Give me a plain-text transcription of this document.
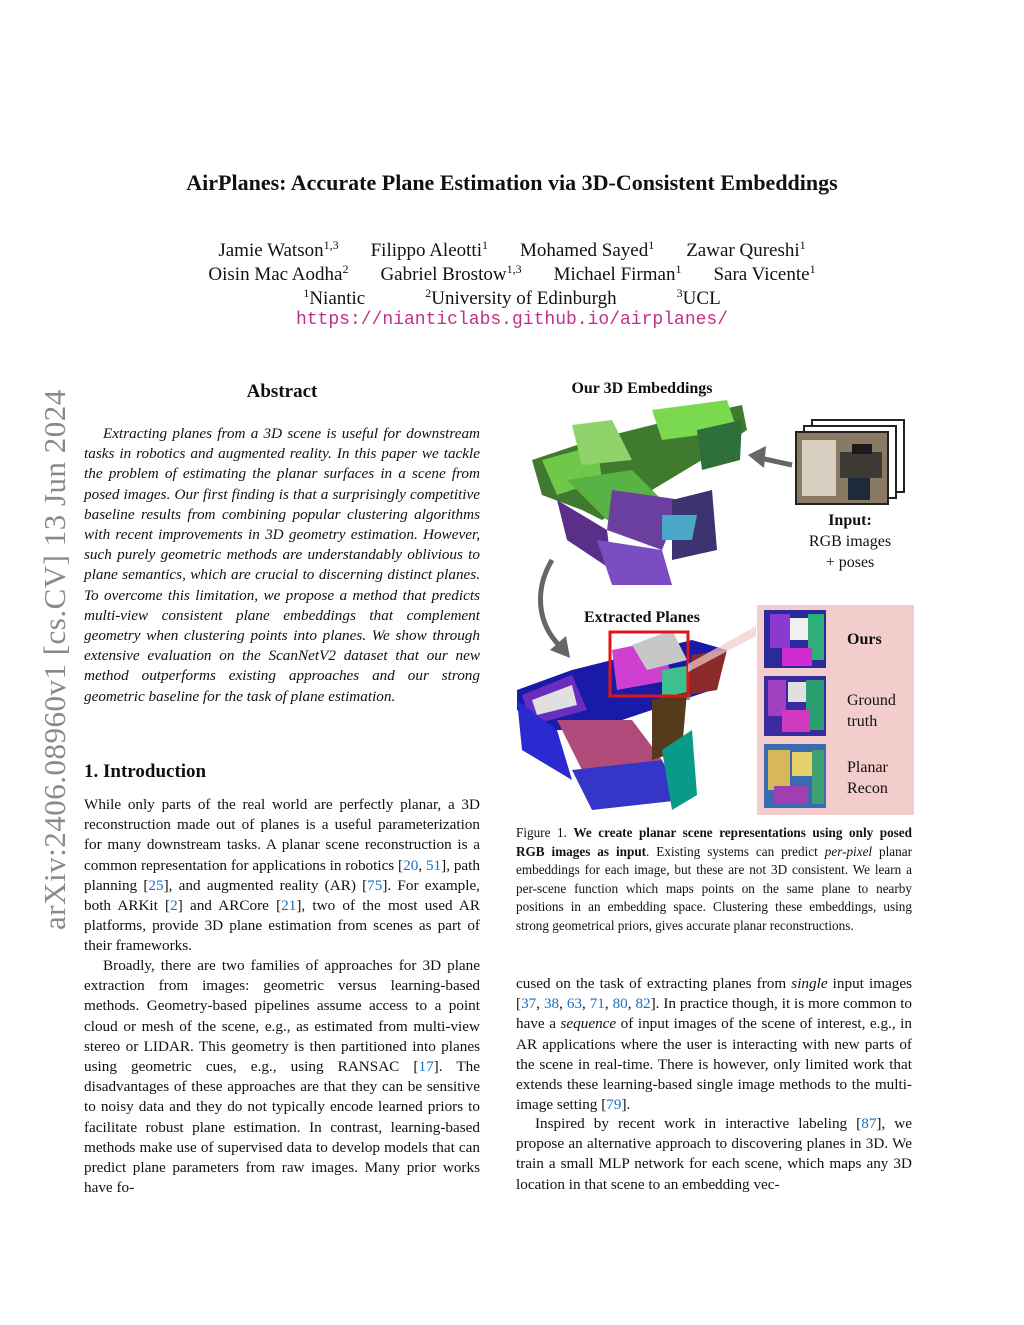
arXiv:2406.08960v1 [cs.CV] 13 Jun 2024
AirPlanes: Accurate Plane Estimation via 3D-Consistent Embeddings
Jamie Watson$^{1,3}$ Filippo Aleotti$^1$ Mohamed Sayed$^1$ Zawar Qureshi$^1$
Oisin Mac Aodha$^2$ Gabriel Brostow$^{1,3}$ Michael Firman$^1$ Sara Vicente$^1$
$^1$Niantic	$^2$University of Edinburgh	$^3$UCL
https://nianticlabs.github.io/airplanes/
Abstract
Extracting planes from a 3D scene is useful for downstream tasks in robotics and augmented reality. In this paper we tackle the problem of estimating the planar surfaces in a scene from posed images. Our first finding is that a surprisingly competitive baseline results from combining popular clustering algorithms with recent improvements in 3D geometry estimation. However, such purely geometric methods are understandably oblivious to plane semantics, which are crucial to discerning distinct planes. To overcome this limitation, we propose a method that predicts multi-view consistent plane embeddings that complement geometry when clustering points into planes. We show through extensive evaluation on the ScanNetV2 dataset that our new method outperforms existing approaches and our strong geometric baseline for the task of plane estimation.
1. Introduction
While only parts of the real world are perfectly planar, a 3D reconstruction made out of planes is a useful parameterization for many downstream tasks. A planar scene reconstruction is a common representation for applications in robotics [20, 51], path planning [25], and augmented reality (AR) [75]. For example, both ARKit [2] and ARCore [21], two of the most used AR platforms, provide 3D plane estimation from scenes as part of their frameworks.
Broadly, there are two families of approaches for 3D plane extraction from images: geometric versus learning-based methods. Geometry-based pipelines assume access to a point cloud or mesh of the scene, e.g., as estimated from multi-view stereo or LIDAR. This geometry is then partitioned into planes using geometric cues, e.g., using RANSAC [17]. The disadvantages of these approaches are that they can be sensitive to noisy data and they do not typically encode learned priors to facilitate robust plane estimation. In contrast, learning-based methods make use of supervised data to develop models that can predict plane parameters from raw images. Many prior works have fo-
Our 3D Embeddings
Input:
RGB images
+ poses
Extracted Planes
Ours
Ground
truth
Planar
Recon
Figure 1. We create planar scene representations using only posed RGB images as input. Existing systems can predict per-pixel planar embeddings for each image, but these are not 3D consistent. We learn a per-scene function which maps points on the same plane to nearby positions in an embedding space. Clustering these embeddings, using strong geometrical priors, gives accurate planar reconstructions.
cused on the task of extracting planes from single input images [37, 38, 63, 71, 80, 82]. In practice though, it is more common to have a sequence of input images of the scene of interest, e.g., in AR applications where the user is interacting with new parts of the scene in real-time. There is however, only limited work that extends these learning-based single image methods to the multi-image setting [79].
Inspired by recent work in interactive labeling [87], we propose an alternative approach to discovering planes in 3D. We train a small MLP network for each scene, which maps any 3D location in that scene to an embedding vec-
